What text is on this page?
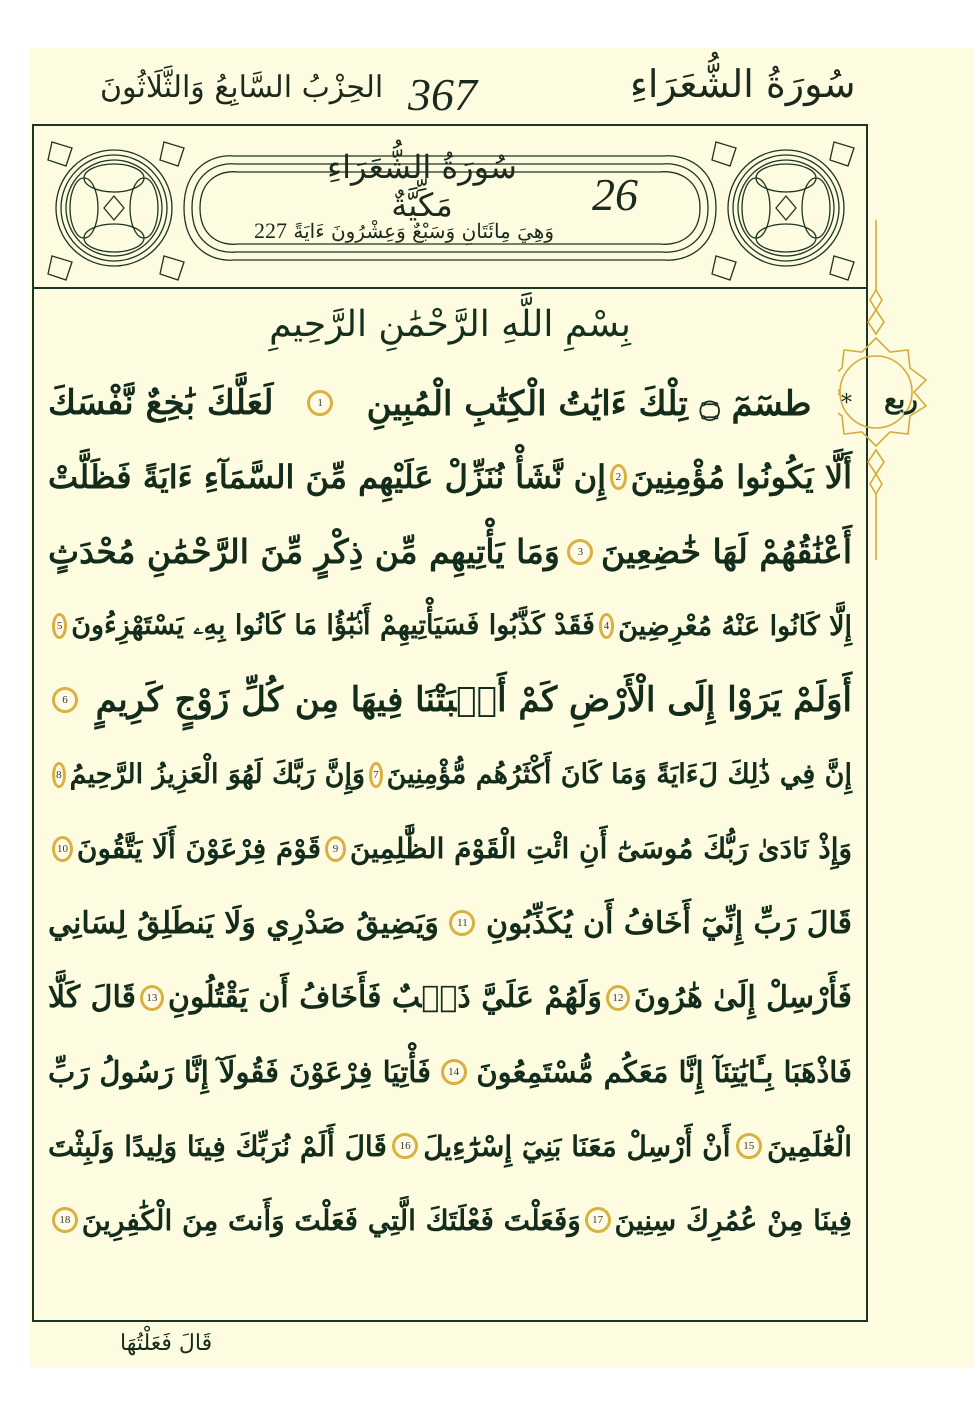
الحِزْبُ السَّابِعُ وَالثَّلَاثُونَ 367	سُورَةُ الشُّعَرَاءِ
سُورَةُ الشُّعَرَاءِ مَكِّيَّةٌ	26
وَهِيَ مِائَتَانِ وَسَبْعٌ وَعِشْرُونَ ءَايَةً 227
بِسْمِ اللَّهِ الرَّحْمَٰنِ الرَّحِيمِ
*
طسٓمٓ ۝ تِلْكَ ءَايَٰتُ الْكِتَٰبِ الْمُبِينِ
1
لَعَلَّكَ بَٰخِعٌ نَّفْسَكَ
أَلَّا يَكُونُوا مُؤْمِنِينَ
2
إِن نَّشَأْ نُنَزِّلْ عَلَيْهِم مِّنَ السَّمَآءِ ءَايَةً فَظَلَّتْ
أَعْنَٰقُهُمْ لَهَا خَٰضِعِينَ
3
وَمَا يَأْتِيهِم مِّن ذِكْرٍ مِّنَ الرَّحْمَٰنِ مُحْدَثٍ
إِلَّا كَانُوا عَنْهُ مُعْرِضِينَ
4
فَقَدْ كَذَّبُوا فَسَيَأْتِيهِمْ أَنۢبَٰٓؤُا مَا كَانُوا بِهِۦ يَسْتَهْزِءُونَ
5
أَوَلَمْ يَرَوْا إِلَى الْأَرْضِ كَمْ أَنۢبَتْنَا فِيهَا مِن كُلِّ زَوْجٍ كَرِيمٍ
6
إِنَّ فِي ذَٰلِكَ لَءَايَةً وَمَا كَانَ أَكْثَرُهُم مُّؤْمِنِينَ
7
وَإِنَّ رَبَّكَ لَهُوَ الْعَزِيزُ الرَّحِيمُ
8
وَإِذْ نَادَىٰ رَبُّكَ مُوسَىٰٓ أَنِ ائْتِ الْقَوْمَ الظَّٰلِمِينَ
9
قَوْمَ فِرْعَوْنَ أَلَا يَتَّقُونَ
10
قَالَ رَبِّ إِنِّيٓ أَخَافُ أَن يُكَذِّبُونِ
11
وَيَضِيقُ صَدْرِي وَلَا يَنطَلِقُ لِسَانِي
فَأَرْسِلْ إِلَىٰ هَٰرُونَ
12
وَلَهُمْ عَلَيَّ ذَنۢبٌ فَأَخَافُ أَن يَقْتُلُونِ
13
قَالَ كَلَّا
فَاذْهَبَا بِـَٔايَٰتِنَآ إِنَّا مَعَكُم مُّسْتَمِعُونَ
14
فَأْتِيَا فِرْعَوْنَ فَقُولَآ إِنَّا رَسُولُ رَبِّ
الْعَٰلَمِينَ
15
أَنْ أَرْسِلْ مَعَنَا بَنِيٓ إِسْرَٰٓءِيلَ
16
قَالَ أَلَمْ نُرَبِّكَ فِينَا وَلِيدًا وَلَبِثْتَ
فِينَا مِنْ عُمُرِكَ سِنِينَ
17
وَفَعَلْتَ فَعْلَتَكَ الَّتِي فَعَلْتَ وَأَنتَ مِنَ الْكَٰفِرِينَ
18
قَالَ فَعَلْتُهَا
ربع
